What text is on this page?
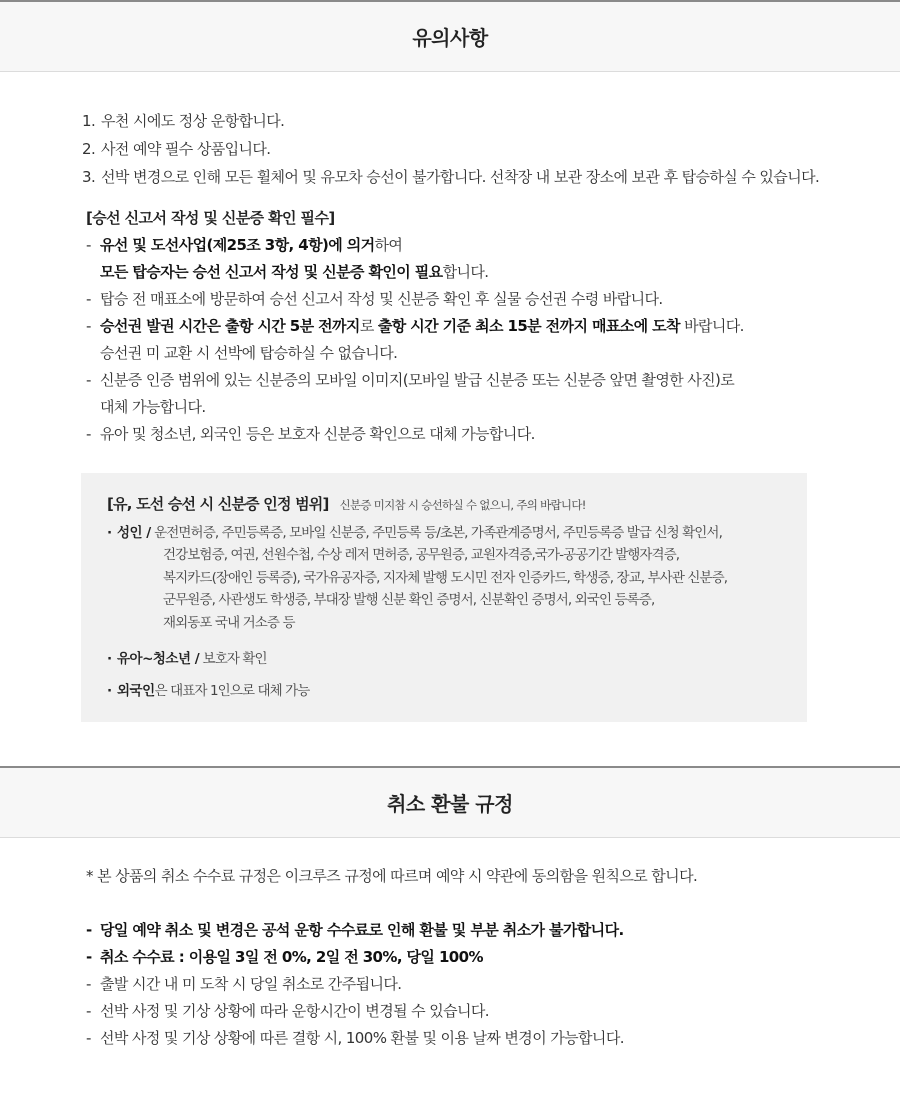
유의사항
1. 우천 시에도 정상 운항합니다.
2. 사전 예약 필수 상품입니다.
3. 선박 변경으로 인해 모든 휠체어 및 유모차 승선이 불가합니다. 선착장 내 보관 장소에 보관 후 탑승하실 수 있습니다.
[승선 신고서 작성 및 신분증 확인 필수]
- 유선 및 도선사업(제25조 3항, 4항)에 의거하여
모든 탑승자는 승선 신고서 작성 및 신분증 확인이 필요합니다.
- 탑승 전 매표소에 방문하여 승선 신고서 작성 및 신분증 확인 후 실물 승선권 수령 바랍니다.
- 승선권 발권 시간은 출항 시간 5분 전까지로 출항 시간 기준 최소 15분 전까지 매표소에 도착 바랍니다.
승선권 미 교환 시 선박에 탑승하실 수 없습니다.
- 신분증 인증 범위에 있는 신분증의 모바일 이미지(모바일 발급 신분증 또는 신분증 앞면 촬영한 사진)로
대체 가능합니다.
- 유아 및 청소년, 외국인 등은 보호자 신분증 확인으로 대체 가능합니다.
[유, 도선 승선 시 신분증 인정 범위] 신분증 미지참 시 승선하실 수 없으니, 주의 바랍니다!
· 성인 / 운전면허증, 주민등록증, 모바일 신분증, 주민등록 등/초본, 가족관계증명서, 주민등록증 발급 신청 확인서,
건강보험증, 여권, 선원수첩, 수상 레저 면허증, 공무원증, 교원자격증,국가-공공기간 발행자격증,
복지카드(장애인 등록증), 국가유공자증, 지자체 발행 도시민 전자 인증카드, 학생증, 장교, 부사관 신분증,
군무원증, 사관생도 학생증, 부대장 발행 신분 확인 증명서, 신분확인 증명서, 외국인 등록증,
재외동포 국내 거소증 등
· 유아~청소년 / 보호자 확인
· 외국인은 대표자 1인으로 대체 가능
취소 환불 규정
* 본 상품의 취소 수수료 규정은 이크루즈 규정에 따르며 예약 시 약관에 동의함을 원칙으로 합니다.
- 당일 예약 취소 및 변경은 공석 운항 수수료로 인해 환불 및 부분 취소가 불가합니다.
- 취소 수수료 : 이용일 3일 전 0%, 2일 전 30%, 당일 100%
- 출발 시간 내 미 도착 시 당일 취소로 간주됩니다.
- 선박 사정 및 기상 상황에 따라 운항시간이 변경될 수 있습니다.
- 선박 사정 및 기상 상황에 따른 결항 시, 100% 환불 및 이용 날짜 변경이 가능합니다.
